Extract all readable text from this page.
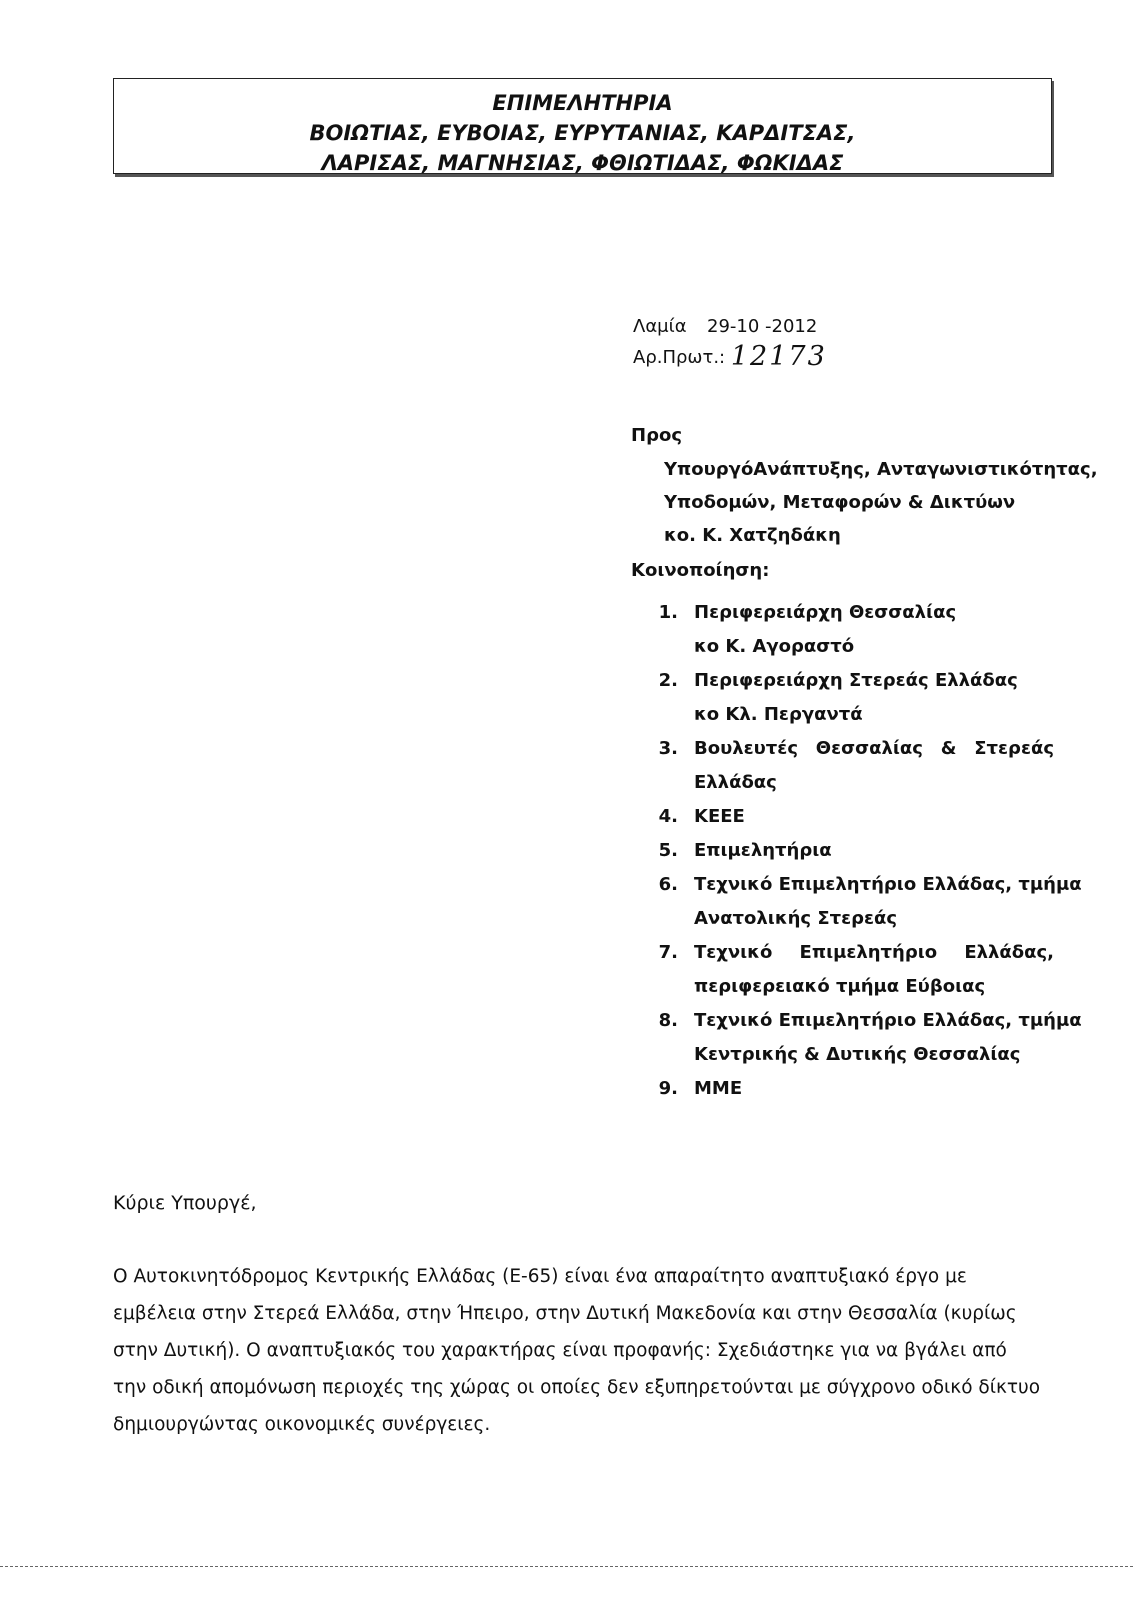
ΕΠΙΜΕΛΗΤΗΡΙΑ
ΒΟΙΩΤΙΑΣ, ΕΥΒΟΙΑΣ, ΕΥΡΥΤΑΝΙΑΣ, ΚΑΡΔΙΤΣΑΣ,
ΛΑΡΙΣΑΣ, ΜΑΓΝΗΣΙΑΣ, ΦΘΙΩΤΙΔΑΣ, ΦΩΚΙΔΑΣ
Λαμία 29-10 -2012
Αρ.Πρωτ.: 12173
Προς
ΥπουργόΑνάπτυξης, Ανταγωνιστικότητας,
Υποδομών, Μεταφορών & Δικτύων
κο. Κ. Χατζηδάκη
Κοινοποίηση:
1. Περιφερειάρχη Θεσσαλίας
κο Κ. Αγοραστό
2. Περιφερειάρχη Στερεάς Ελλάδας
κο Κλ. Περγαντά
3. Βουλευτές Θεσσαλίας & Στερεάς
Ελλάδας
4. ΚΕΕΕ
5. Επιμελητήρια
6. Τεχνικό Επιμελητήριο Ελλάδας, τμήμα
Ανατολικής Στερεάς
7. Τεχνικό Επιμελητήριο Ελλάδας,
περιφερειακό τμήμα Εύβοιας
8. Τεχνικό Επιμελητήριο Ελλάδας, τμήμα
Κεντρικής & Δυτικής Θεσσαλίας
9. ΜΜΕ
Κύριε Υπουργέ,
Ο Αυτοκινητόδρομος Κεντρικής Ελλάδας (Ε-65) είναι ένα απαραίτητο αναπτυξιακό έργο με
εμβέλεια στην Στερεά Ελλάδα, στην Ήπειρο, στην Δυτική Μακεδονία και στην Θεσσαλία (κυρίως
στην Δυτική). Ο αναπτυξιακός του χαρακτήρας είναι προφανής: Σχεδιάστηκε για να βγάλει από
την οδική απομόνωση περιοχές της χώρας οι οποίες δεν εξυπηρετούνται με σύγχρονο οδικό δίκτυο
δημιουργώντας οικονομικές συνέργειες.
